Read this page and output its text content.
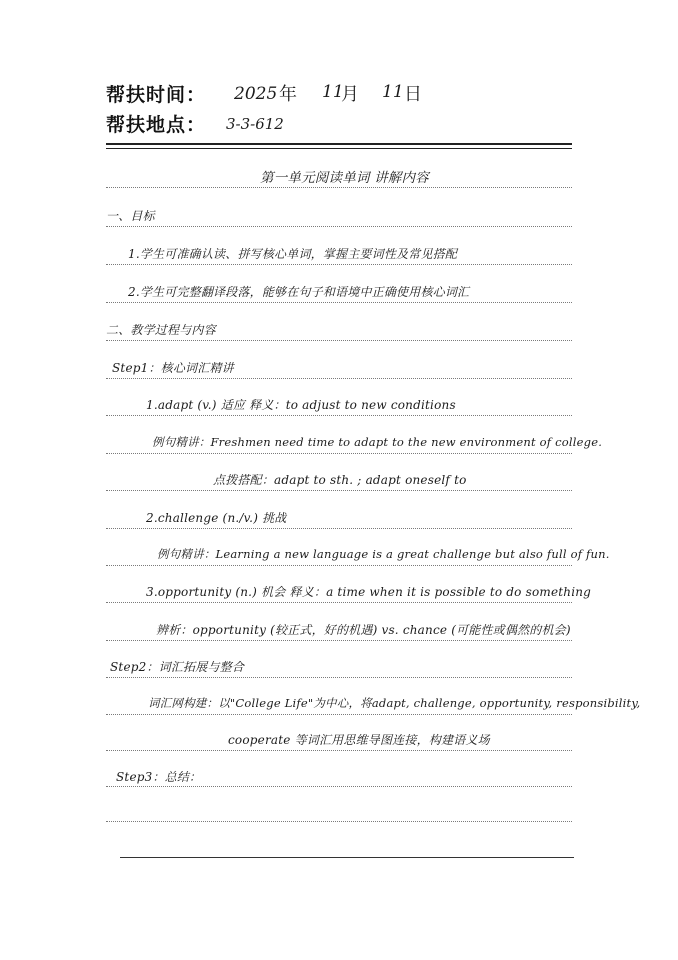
帮扶时间： 2025 年 11
月 11 日
帮扶地点： 3-3-612
第一单元阅读单词 讲解内容
一、目标
1.学生可准确认读、拼写核心单词，掌握主要词性及常见搭配
2.学生可完整翻译段落，能够在句子和语境中正确使用核心词汇
二、教学过程与内容
Step1：核心词汇精讲
1.adapt (v.) 适应 释义：to adjust to new conditions
例句精讲：Freshmen need time to adapt to the new environment of college.
点拨搭配：adapt to sth. ; adapt oneself to
2.challenge (n./v.) 挑战
例句精讲：Learning a new language is a great challenge but also full of fun.
3.opportunity (n.) 机会 释义：a time when it is possible to do something
辨析：opportunity (较正式，好的机遇) vs. chance (可能性或偶然的机会)
Step2：词汇拓展与整合
词汇网构建：以"College Life"为中心，将adapt, challenge, opportunity, responsibility,
cooperate 等词汇用思维导图连接，构建语义场
Step3：总结：
